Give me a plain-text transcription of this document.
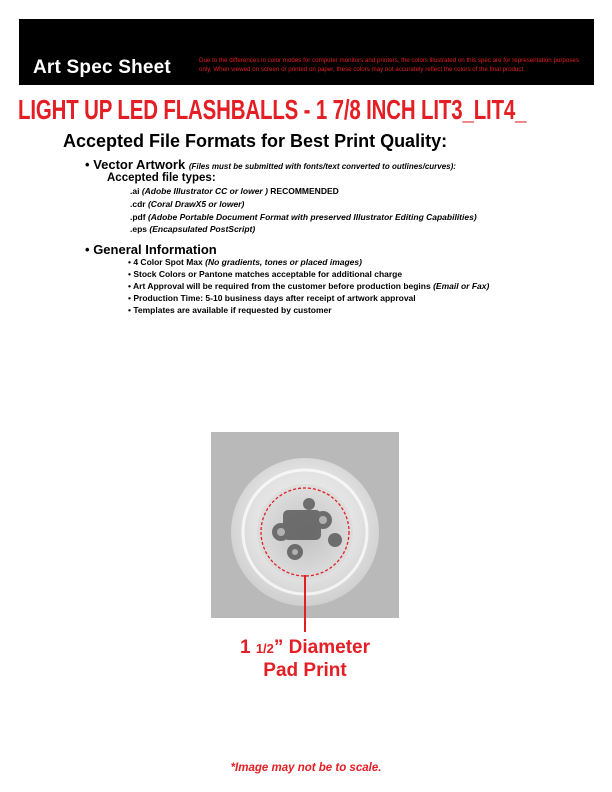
Art Spec Sheet	Due to the differences in color modes for computer monitors and printers, the colors illustrated on this spec are for representation purposes only. When viewed on screen or printed on paper, these colors may not accurately reflect the colors of the final product.
LIGHT UP LED FLASHBALLS - 1 7/8 INCH LIT3_LIT4_
Accepted File Formats for Best Print Quality:
• Vector Artwork (Files must be submitted with fonts/text converted to outlines/curves):
Accepted file types:
.ai (Adobe Illustrator CC or lower ) RECOMMENDED
.cdr (Coral DrawX5 or lower)
.pdf (Adobe Portable Document Format with preserved Illustrator Editing Capabilities)
.eps (Encapsulated PostScript)
• General Information
• 4 Color Spot Max (No gradients, tones or placed images)
• Stock Colors or Pantone matches acceptable for additional charge
• Art Approval will be required from the customer before production begins (Email or Fax)
• Production Time: 5-10 business days after receipt of artwork approval
• Templates are available if requested by customer
1 1/2” Diameter
Pad Print
*Image may not be to scale.
